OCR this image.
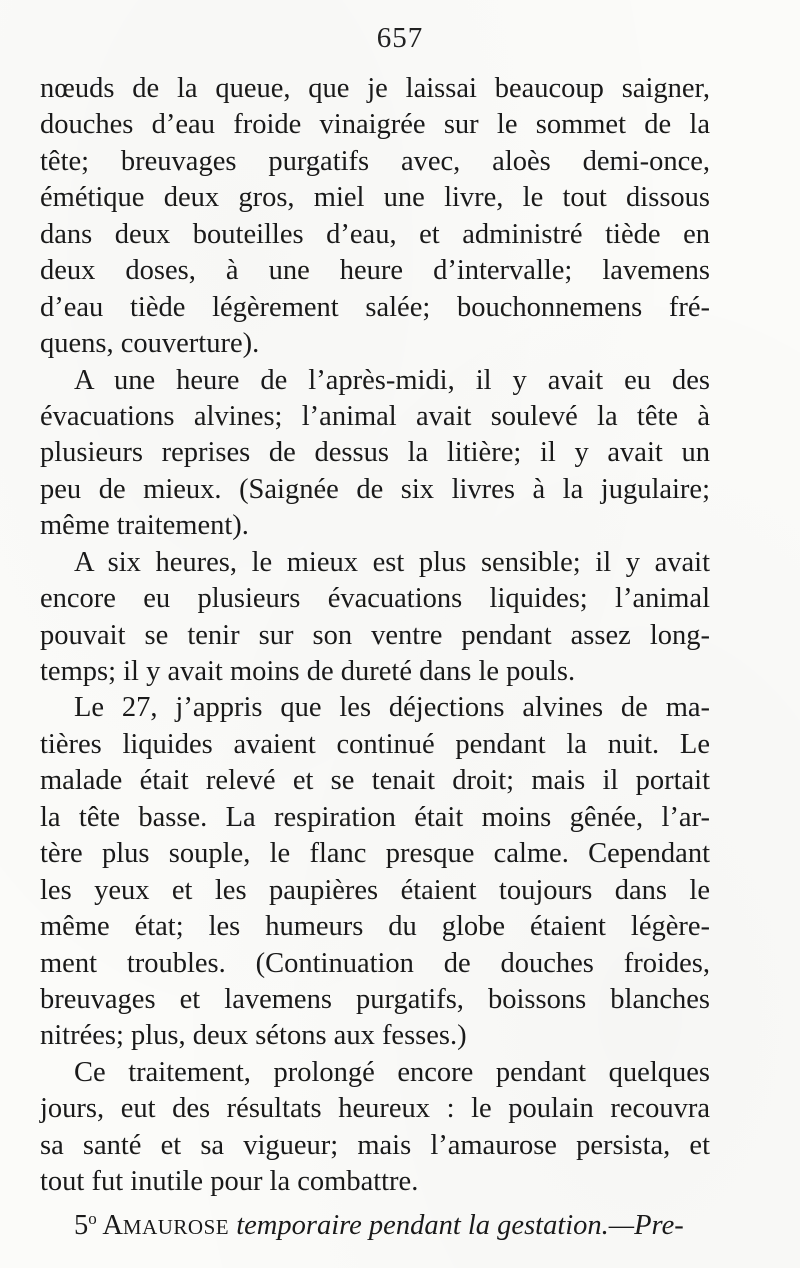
657
nœuds de la queue, que je laissai beaucoup saigner,
douches d’eau froide vinaigrée sur le sommet de la
tête; breuvages purgatifs avec, aloès demi-once,
émétique deux gros, miel une livre, le tout dissous
dans deux bouteilles d’eau, et administré tiède en
deux doses, à une heure d’intervalle; lavemens
d’eau tiède légèrement salée; bouchonnemens fré-
quens, couverture).
A une heure de l’après-midi, il y avait eu des
évacuations alvines; l’animal avait soulevé la tête à
plusieurs reprises de dessus la litière; il y avait un
peu de mieux. (Saignée de six livres à la jugulaire;
même traitement).
A six heures, le mieux est plus sensible; il y avait
encore eu plusieurs évacuations liquides; l’animal
pouvait se tenir sur son ventre pendant assez long-
temps; il y avait moins de dureté dans le pouls.
Le 27, j’appris que les déjections alvines de ma-
tières liquides avaient continué pendant la nuit. Le
malade était relevé et se tenait droit; mais il portait
la tête basse. La respiration était moins gênée, l’ar-
tère plus souple, le flanc presque calme. Cependant
les yeux et les paupières étaient toujours dans le
même état; les humeurs du globe étaient légère-
ment troubles. (Continuation de douches froides,
breuvages et lavemens purgatifs, boissons blanches
nitrées; plus, deux sétons aux fesses.)
Ce traitement, prolongé encore pendant quelques
jours, eut des résultats heureux : le poulain recouvra
sa santé et sa vigueur; mais l’amaurose persista, et
tout fut inutile pour la combattre.
5$^o$ AMAUROSE temporaire pendant la gestation.—Pre-
